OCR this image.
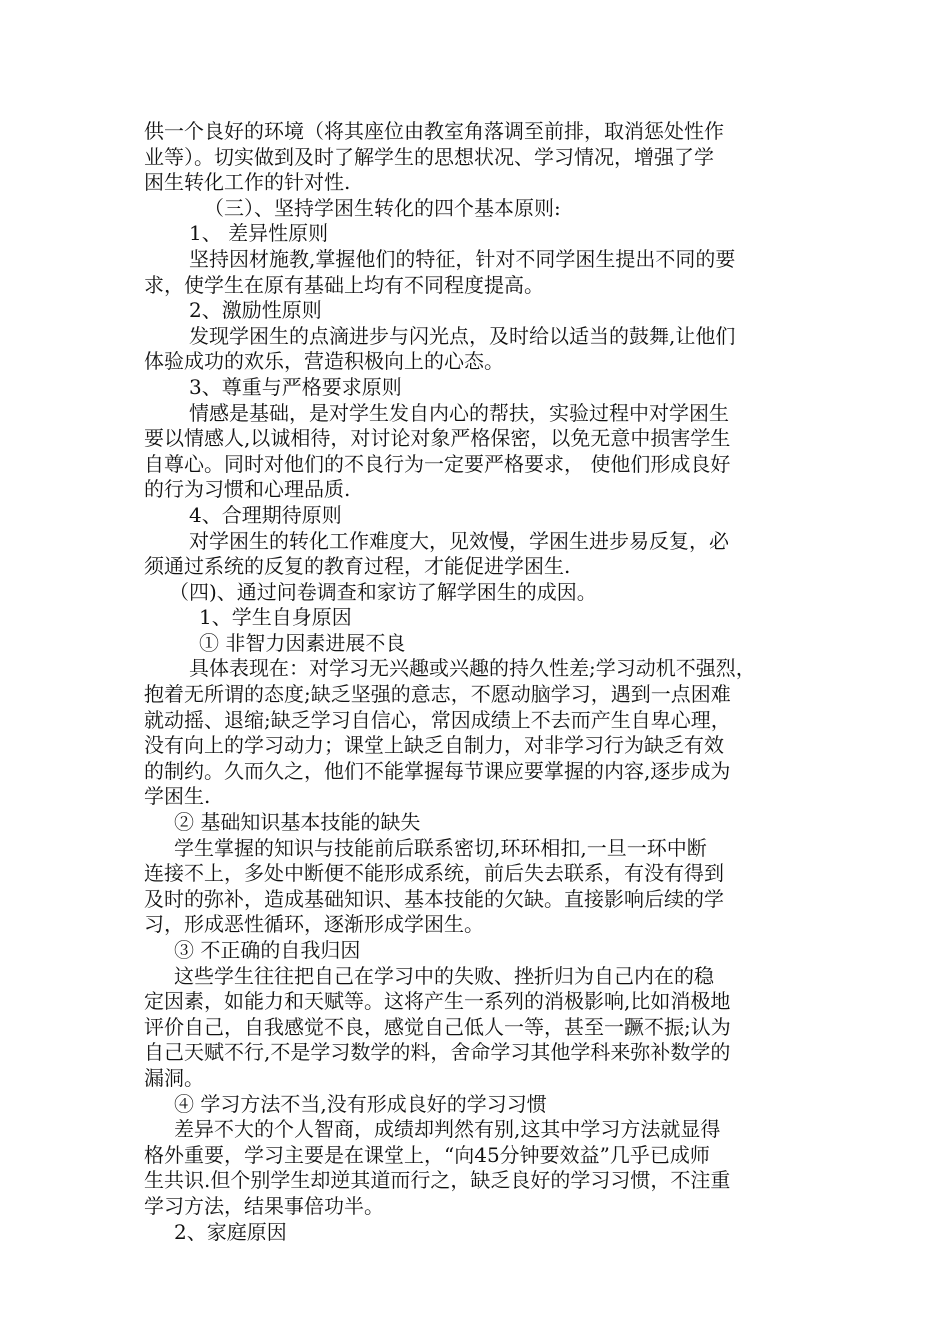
供一个良好的环境（将其座位由教室角落调至前排，取消惩处性作
业等）。切实做到及时了解学生的思想状况、学习情况，增强了学
困生转化工作的针对性.
（三）、坚持学困生转化的四个基本原则:
1、 差异性原则
坚持因材施教,掌握他们的特征，针对不同学困生提出不同的要
求，使学生在原有基础上均有不同程度提高。
2、激励性原则
发现学困生的点滴进步与闪光点，及时给以适当的鼓舞,让他们
体验成功的欢乐，营造积极向上的心态。
3、尊重与严格要求原则
情感是基础，是对学生发自内心的帮扶，实验过程中对学困生
要以情感人,以诚相待，对讨论对象严格保密，以免无意中损害学生
自尊心。同时对他们的不良行为一定要严格要求， 使他们形成良好
的行为习惯和心理品质.
4、合理期待原则
对学困生的转化工作难度大，见效慢，学困生进步易反复，必
须通过系统的反复的教育过程，才能促进学困生.
（四)、通过问卷调查和家访了解学困生的成因。
1、学生自身原因
① 非智力因素进展不良
具体表现在：对学习无兴趣或兴趣的持久性差;学习动机不强烈，
抱着无所谓的态度;缺乏坚强的意志，不愿动脑学习，遇到一点困难
就动摇、退缩;缺乏学习自信心，常因成绩上不去而产生自卑心理，
没有向上的学习动力；课堂上缺乏自制力，对非学习行为缺乏有效
的制约。久而久之，他们不能掌握每节课应要掌握的内容,逐步成为
学困生.
② 基础知识基本技能的缺失
学生掌握的知识与技能前后联系密切,环环相扣,一旦一环中断
连接不上，多处中断便不能形成系统，前后失去联系，有没有得到
及时的弥补，造成基础知识、基本技能的欠缺。直接影响后续的学
习，形成恶性循环，逐渐形成学困生。
③ 不正确的自我归因
这些学生往往把自己在学习中的失败、挫折归为自己内在的稳
定因素，如能力和天赋等。这将产生一系列的消极影响,比如消极地
评价自己，自我感觉不良，感觉自己低人一等，甚至一蹶不振;认为
自己天赋不行,不是学习数学的料，舍命学习其他学科来弥补数学的
漏洞。
④ 学习方法不当,没有形成良好的学习习惯
差异不大的个人智商，成绩却判然有别,这其中学习方法就显得
格外重要，学习主要是在课堂上，“向45分钟要效益”几乎已成师
生共识.但个别学生却逆其道而行之，缺乏良好的学习习惯，不注重
学习方法，结果事倍功半。
2、家庭原因
